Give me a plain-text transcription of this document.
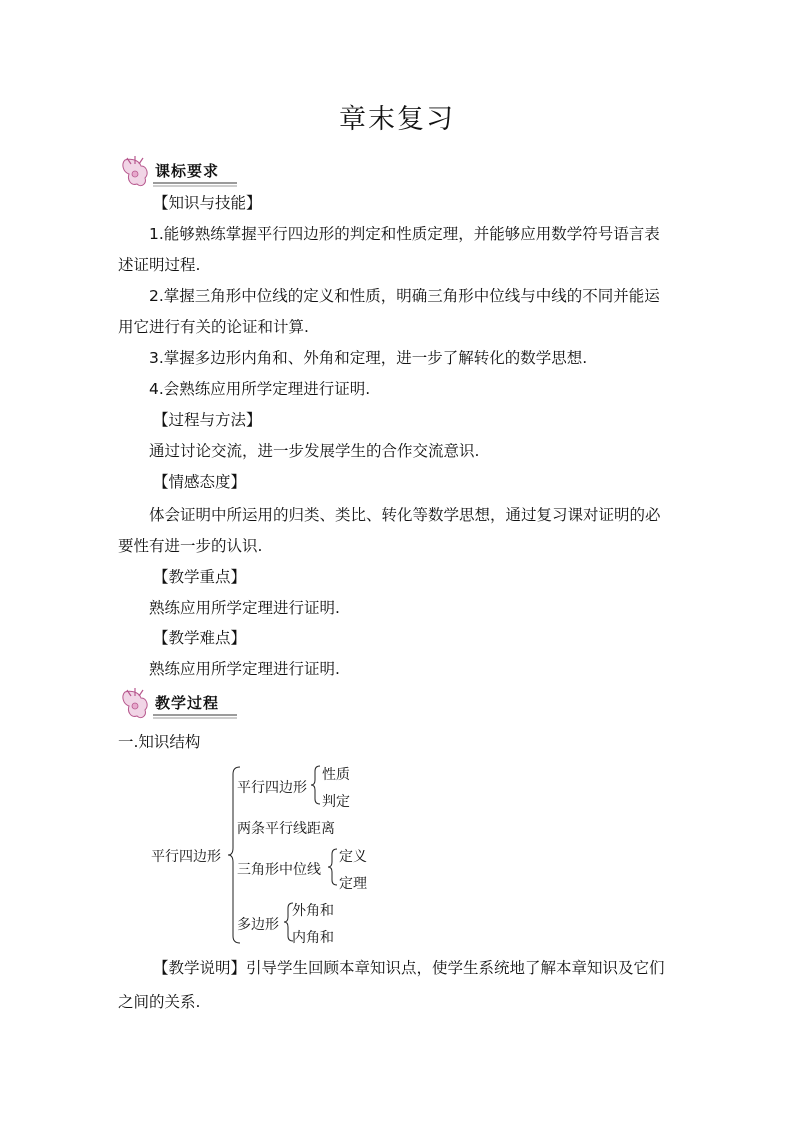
章末复习
课标要求
【知识与技能】
1.能够熟练掌握平行四边形的判定和性质定理，并能够应用数学符号语言表
述证明过程.
2.掌握三角形中位线的定义和性质，明确三角形中位线与中线的不同并能运
用它进行有关的论证和计算.
3.掌握多边形内角和、外角和定理，进一步了解转化的数学思想.
4.会熟练应用所学定理进行证明.
【过程与方法】
通过讨论交流，进一步发展学生的合作交流意识.
【情感态度】
体会证明中所运用的归类、类比、转化等数学思想，通过复习课对证明的必
要性有进一步的认识.
【教学重点】
熟练应用所学定理进行证明.
【教学难点】
熟练应用所学定理进行证明.
教学过程
一.知识结构
平行四边形
平行四边形
性质
判定
两条平行线距离
三角形中位线
定义
定理
多边形
外角和
内角和
【教学说明】引导学生回顾本章知识点，使学生系统地了解本章知识及它们
之间的关系.
